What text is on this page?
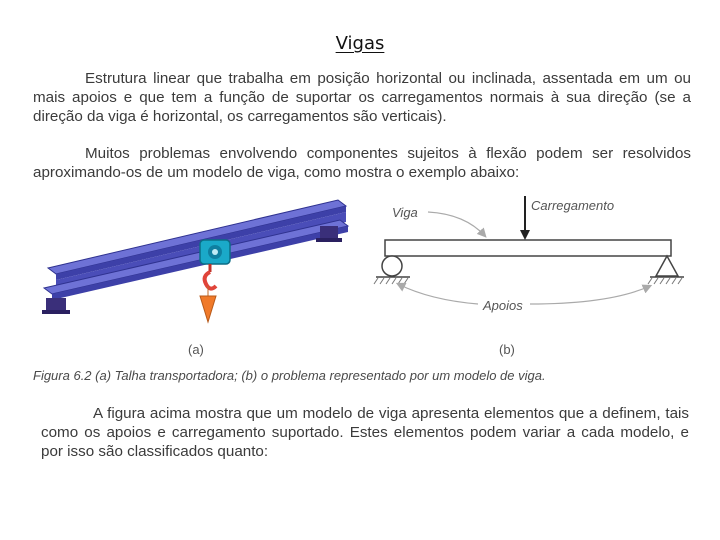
Vigas

Estrutura linear que trabalha em posição horizontal ou inclinada, assentada em um ou mais apoios e que tem a função de suportar os carregamentos normais à sua direção (se a direção da viga é horizontal, os carregamentos são verticais).

Muitos problemas envolvendo componentes sujeitos à flexão podem ser resolvidos aproximando-os de um modelo de viga, como mostra o exemplo abaixo:

Viga	Carregamento
Apoios
(a)	(b)

Figura 6.2 (a) Talha transportadora; (b) o problema representado por um modelo de viga.

A figura acima mostra que um modelo de viga apresenta elementos que a definem, tais como os apoios e carregamento suportado. Estes elementos podem variar a cada modelo, e por isso são classificados quanto:
